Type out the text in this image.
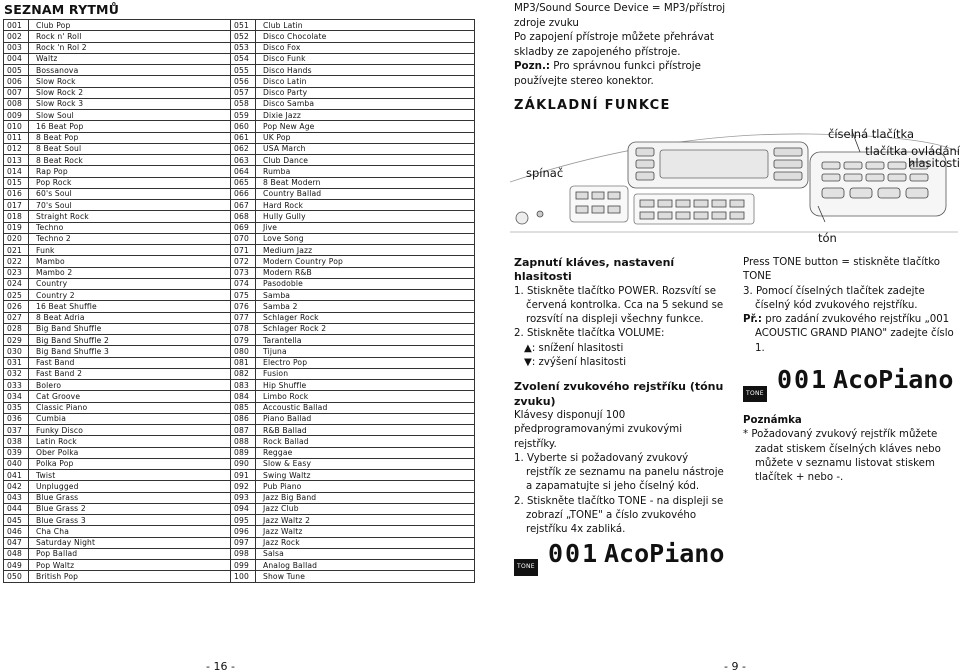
SEZNAM RYTMŮ
001	Club Pop	051	Club Latin
002	Rock n' Roll	052	Disco Chocolate
003	Rock 'n Rol 2	053	Disco Fox
004	Waltz	054	Disco Funk
005	Bossanova	055	Disco Hands
006	Slow Rock	056	Disco Latin
007	Slow Rock 2	057	Disco Party
008	Slow Rock 3	058	Disco Samba
009	Slow Soul	059	Dixie Jazz
010	16 Beat Pop	060	Pop New Age
011	8 Beat Pop	061	UK Pop
012	8 Beat Soul	062	USA March
013	8 Beat Rock	063	Club Dance
014	Rap Pop	064	Rumba
015	Pop Rock	065	8 Beat Modern
016	60's Soul	066	Country Ballad
017	70's Soul	067	Hard Rock
018	Straight Rock	068	Hully Gully
019	Techno	069	Jive
020	Techno 2	070	Love Song
021	Funk	071	Medium Jazz
022	Mambo	072	Modern Country Pop
023	Mambo 2	073	Modern R&B
024	Country	074	Pasodoble
025	Country 2	075	Samba
026	16 Beat Shuffle	076	Samba 2
027	8 Beat Adria	077	Schlager Rock
028	Big Band Shuffle	078	Schlager Rock 2
029	Big Band Shuffle 2	079	Tarantella
030	Big Band Shuffle 3	080	Tijuna
031	Fast Band	081	Electro Pop
032	Fast Band 2	082	Fusion
033	Bolero	083	Hip Shuffle
034	Cat Groove	084	Limbo Rock
035	Classic Piano	085	Accoustic Ballad
036	Cumbia	086	Piano Ballad
037	Funky Disco	087	R&B Ballad
038	Latin Rock	088	Rock Ballad
039	Ober Polka	089	Reggae
040	Polka Pop	090	Slow & Easy
041	Twist	091	Swing Waltz
042	Unplugged	092	Pub Piano
043	Blue Grass	093	Jazz Big Band
044	Blue Grass 2	094	Jazz Club
045	Blue Grass 3	095	Jazz Waltz 2
046	Cha Cha	096	Jazz Waltz
047	Saturday Night	097	Jazz Rock
048	Pop Ballad	098	Salsa
049	Pop Waltz	099	Analog Ballad
050	British Pop	100	Show Tune
- 16 -
MP3/Sound Source Device = MP3/přístroj zdroje zvuku
Po zapojení přístroje můžete přehrávat skladby ze zapojeného přístroje.
Pozn.: Pro správnou funkci přístroje používejte stereo konektor.
ZÁKLADNÍ FUNKCE
spínač
číselná tlačítka
tlačítka ovládání hlasitosti
tón
Zapnutí kláves, nastavení hlasitosti
1. Stiskněte tlačítko POWER. Rozsvítí se červená kontrolka. Cca na 5 sekund se rozsvítí na displeji všechny funkce.
2. Stiskněte tlačítka VOLUME:
▲: snížení hlasitosti
▼: zvýšení hlasitosti
Zvolení zvukového rejstříku (tónu zvuku)
Klávesy disponují 100 předprogramovanými zvukovými rejstříky.
1. Vyberte si požadovaný zvukový rejstřík ze seznamu na panelu nástroje a zapamatujte si jeho číselný kód.
2. Stiskněte tlačítko TONE - na displeji se zobrazí „TONE" a číslo zvukového rejstříku 4x zabliká.
TONE 001 AcoPiano
Press TONE button = stiskněte tlačítko TONE
3. Pomocí číselných tlačítek zadejte číselný kód zvukového rejstříku.
Př.: pro zadání zvukového rejstříku „001 ACOUSTIC GRAND PIANO" zadejte číslo 1.
TONE 001 AcoPiano
Poznámka
* Požadovaný zvukový rejstřík můžete zadat stiskem číselných kláves nebo můžete v seznamu listovat stiskem tlačítek + nebo -.
- 9 -
